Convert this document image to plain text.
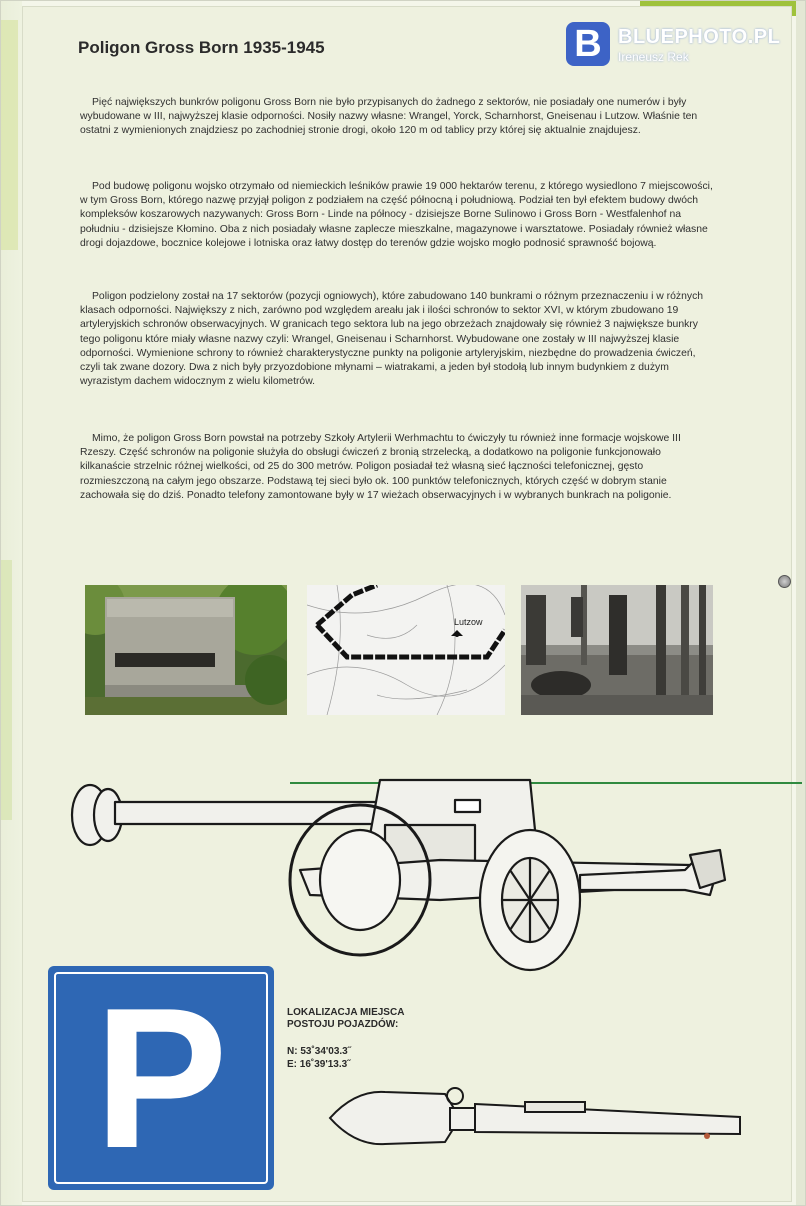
Poligon Gross Born 1935-1945

Pięć największych bunkrów poligonu Gross Born nie było przypisanych do żadnego z sektorów, nie posiadały one numerów i były wybudowane w III, najwyższej klasie odporności. Nosiły nazwy własne: Wrangel, Yorck, Scharnhorst, Gneisenau i Lutzow. Właśnie ten ostatni z wymienionych znajdziesz po zachodniej stronie drogi, około 120 m od tablicy przy której się aktualnie znajdujesz.

Pod budowę poligonu wojsko otrzymało od niemieckich leśników prawie 19 000 hektarów terenu, z którego wysiedlono 7 miejscowości, w tym Gross Born, którego nazwę przyjął poligon z podziałem na część północną i południową. Podział ten był efektem budowy dwóch kompleksów koszarowych nazywanych: Gross Born - Linde na północy - dzisiejsze Borne Sulinowo i Gross Born - Westfalenhof na południu - dzisiejsze Kłomino. Oba z nich posiadały własne zaplecze mieszkalne, magazynowe i warsztatowe. Posiadały również własne drogi dojazdowe, bocznice kolejowe i lotniska oraz łatwy dostęp do terenów gdzie wojsko mogło podnosić sprawność bojową.

Poligon podzielony został na 17 sektorów (pozycji ogniowych), które zabudowano 140 bunkrami o różnym przeznaczeniu i w różnych klasach odporności. Największy z nich, zarówno pod względem areału jak i ilości schronów to sektor XVI, w którym zbudowano 19 artyleryjskich schronów obserwacyjnych. W granicach tego sektora lub na jego obrzeżach znajdowały się również 3 największe bunkry tego poligonu które miały własne nazwy czyli: Wrangel, Gneisenau i Scharnhorst. Wybudowane one zostały w III najwyższej klasie odporności. Wymienione schrony to również charakterystyczne punkty na poligonie artyleryjskim, niezbędne do prowadzenia ćwiczeń, czyli tak zwane dozory. Dwa z nich były przyozdobione młynami – wiatrakami, a jeden był stodołą lub innym budynkiem z dużym wyrazistym dachem widocznym z wielu kilometrów.

Mimo, że poligon Gross Born powstał na potrzeby Szkoły Artylerii Werhmachtu to ćwiczyły tu również inne formacje wojskowe III Rzeszy. Część schronów na poligonie służyła do obsługi ćwiczeń z bronią strzelecką, a dodatkowo na poligonie funkcjonowało kilkanaście strzelnic różnej wielkości, od 25 do 300 metrów. Poligon posiadał też własną sieć łączności telefonicznej, gęsto rozmieszczoną na całym jego obszarze. Podstawą tej sieci było ok. 100 punktów telefonicznych, których część w dobrym stanie zachowała się do dziś. Ponadto telefony zamontowane były w 17 wieżach obserwacyjnych i w wybranych bunkrach na poligonie.

Lutzow
P	LOKALIZACJA MIEJSCA
POSTOJU POJAZDÓW:
N: 53˚34'03.3˝
E: 16˚39'13.3˝
B BLUEPHOTO.PL
Ireneusz Rek
